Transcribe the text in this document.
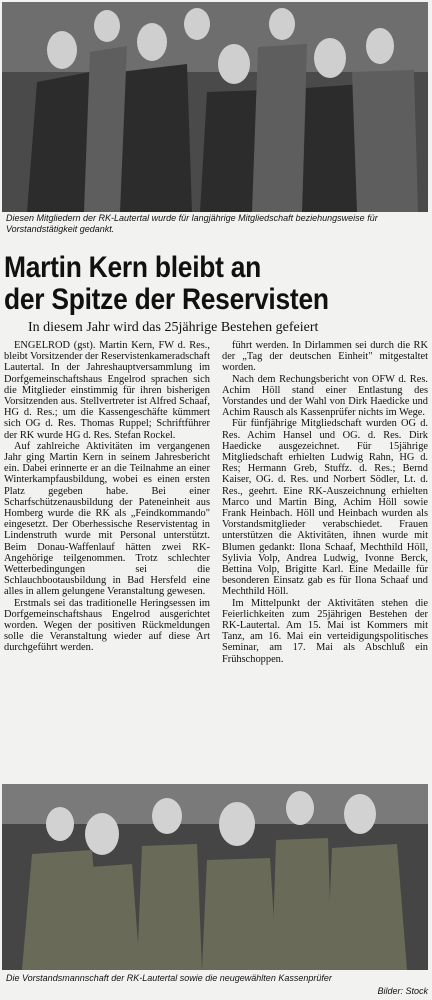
Diesen Mitgliedern der RK-Lautertal wurde für langjährige Mitgliedschaft beziehungsweise für Vorstandstätigkeit gedankt.
Martin Kern bleibt an
der Spitze der Reservisten
In diesem Jahr wird das 25jährige Bestehen gefeiert

ENGELROD (gst). Martin Kern, FW d. Res., bleibt Vorsitzender der Reservistenkameradschaft Lautertal. In der Jahreshauptversammlung im Dorfgemeinschaftshaus Engelrod sprachen sich die Mitglieder einstimmig für ihren bisherigen Vorsitzenden aus. Stellvertreter ist Alfred Schaaf, HG d. Res.; um die Kassengeschäfte kümmert sich OG d. Res. Thomas Ruppel; Schriftführer der RK wurde HG d. Res. Stefan Rockel.

Auf zahlreiche Aktivitäten im vergangenen Jahr ging Martin Kern in seinem Jahresbericht ein. Dabei erinnerte er an die Teilnahme an einer Winterkampfausbildung, wobei es einen ersten Platz gegeben habe. Bei einer Scharfschützenausbildung der Pateneinheit aus Homberg wurde die RK als „Feindkommando" eingesetzt. Der Oberhessische Reservistentag in Lindenstruth wurde mit Personal unterstützt. Beim Donau-Waffenlauf hätten zwei RK-Angehörige teilgenommen. Trotz schlechter Wetterbedingungen sei die Schlauchbootausbildung in Bad Hersfeld eine alles in allem gelungene Veranstaltung gewesen.

Erstmals sei das traditionelle Heringsessen im Dorfgemeinschaftshaus Engelrod ausgerichtet worden. Wegen der positiven Rückmeldungen solle die Veranstaltung wieder auf diese Art durchgeführt werden.

führt werden. In Dirlammen sei durch die RK der „Tag der deutschen Einheit" mitgestaltet worden.

Nach dem Rechungsbericht von OFW d. Res. Achim Höll stand einer Entlastung des Vorstandes und der Wahl von Dirk Haedicke und Achim Rausch als Kassenprüfer nichts im Wege.

Für fünfjährige Mitgliedschaft wurden OG d. Res. Achim Hansel und OG. d. Res. Dirk Haedicke ausgezeichnet. Für 15jährige Mitgliedschaft erhielten Ludwig Rahn, HG d. Res; Hermann Greb, Stuffz. d. Res.; Bernd Kaiser, OG. d. Res. und Norbert Södler, Lt. d. Res., geehrt. Eine RK-Auszeichnung erhielten Marco und Martin Bing, Achim Höll sowie Frank Heinbach. Höll und Heinbach wurden als Vorstandsmitglieder verabschiedet. Frauen unterstützen die Aktivitäten, ihnen wurde mit Blumen gedankt: Ilona Schaaf, Mechthild Höll, Sylivia Volp, Andrea Ludwig, Ivonne Berck, Bettina Volp, Brigitte Karl. Eine Medaille für besonderen Einsatz gab es für Ilona Schaaf und Mechthild Höll.

Im Mittelpunkt der Aktivitäten stehen die Feierlichkeiten zum 25jährigen Bestehen der RK-Lautertal. Am 15. Mai ist Kommers mit Tanz, am 16. Mai ein verteidigungspolitisches Seminar, am 17. Mai als Abschluß ein Frühschoppen.

Die Vorstandsmannschaft der RK-Lautertal sowie die neugewählten Kassenprüfer
Bilder: Stock
